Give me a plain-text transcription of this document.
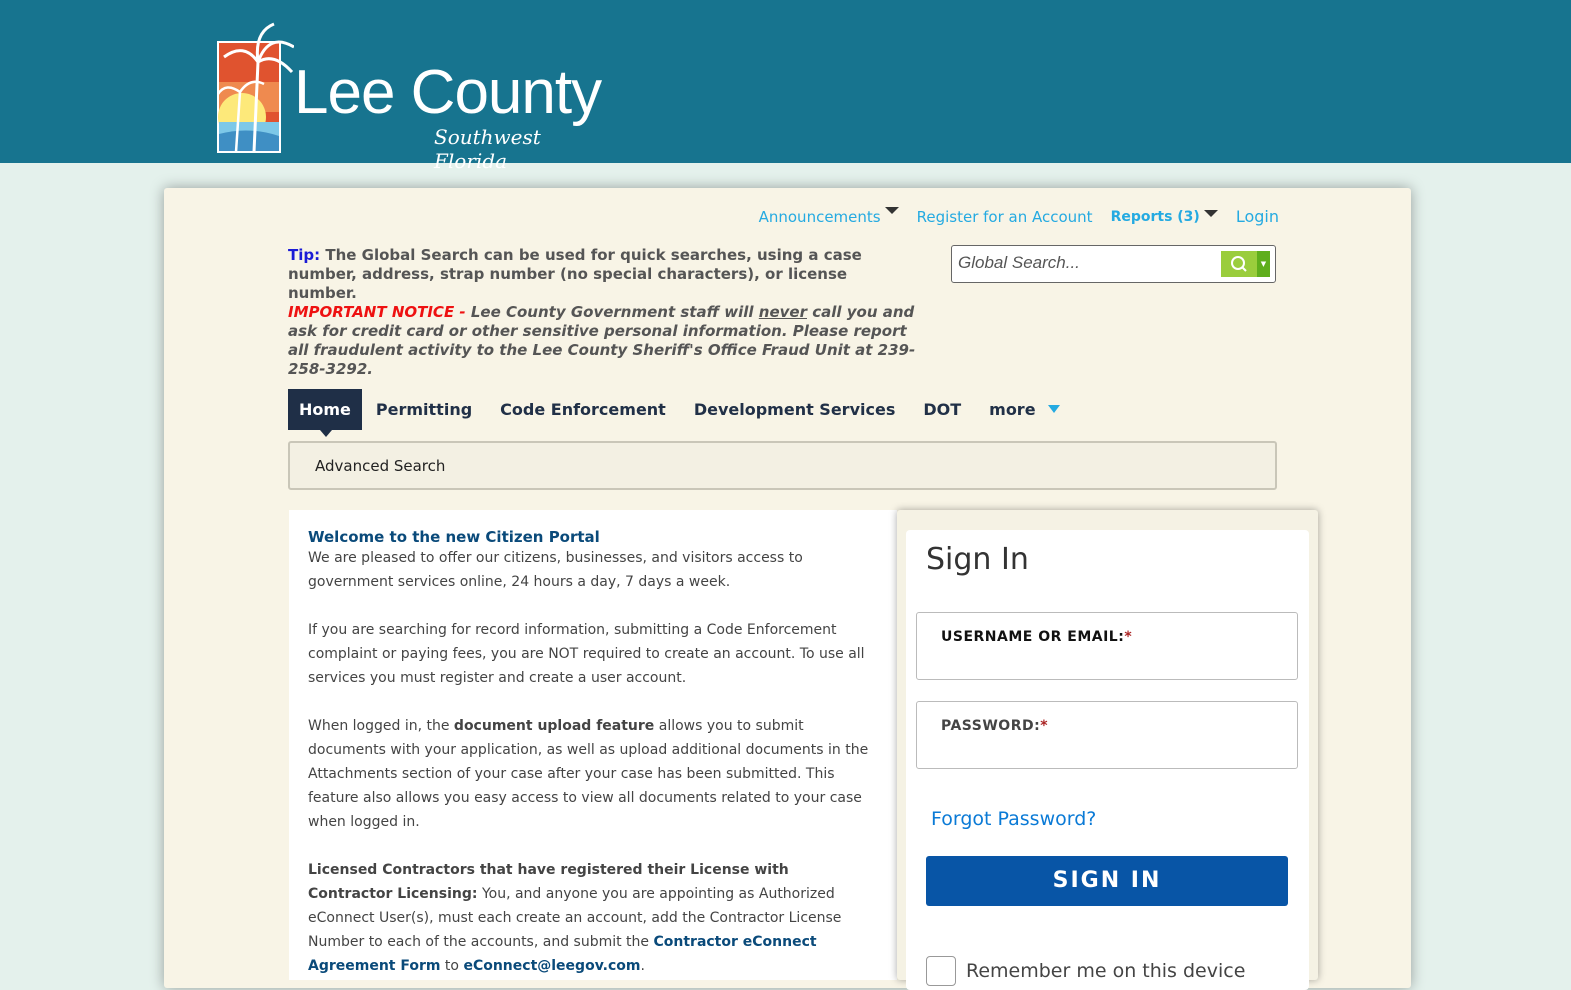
Lee County
Southwest Florida
Announcements	Register for an Account Reports (3)	Login
Tip: The Global Search can be used for quick searches, using a case number, address, strap number (no special characters), or license number.
IMPORTANT NOTICE - Lee County Government staff will never call you and ask for credit card or other sensitive personal information. Please report all fraudulent activity to the Lee County Sheriff's Office Fraud Unit at 239-258-3292.
Global Search...
▼
Home	Permitting	Code Enforcement	Development Services	DOT	more
Advanced Search
Welcome to the new Citizen Portal

We are pleased to offer our citizens, businesses, and visitors access to government services online, 24 hours a day, 7 days a week.

If you are searching for record information, submitting a Code Enforcement complaint or paying fees, you are NOT required to create an account. To use all services you must register and create a user account.

When logged in, the document upload feature allows you to submit documents with your application, as well as upload additional documents in the Attachments section of your case after your case has been submitted. This feature also allows you easy access to view all documents related to your case when logged in.

Licensed Contractors that have registered their License with Contractor Licensing: You, and anyone you are appointing as Authorized eConnect User(s), must each create an account, add the Contractor License Number to each of the accounts, and submit the Contractor eConnect Agreement Form to eConnect@leegov.com.

Sign In
USERNAME OR EMAIL:*
PASSWORD:*
Forgot Password?
SIGN IN
Remember me on this device
